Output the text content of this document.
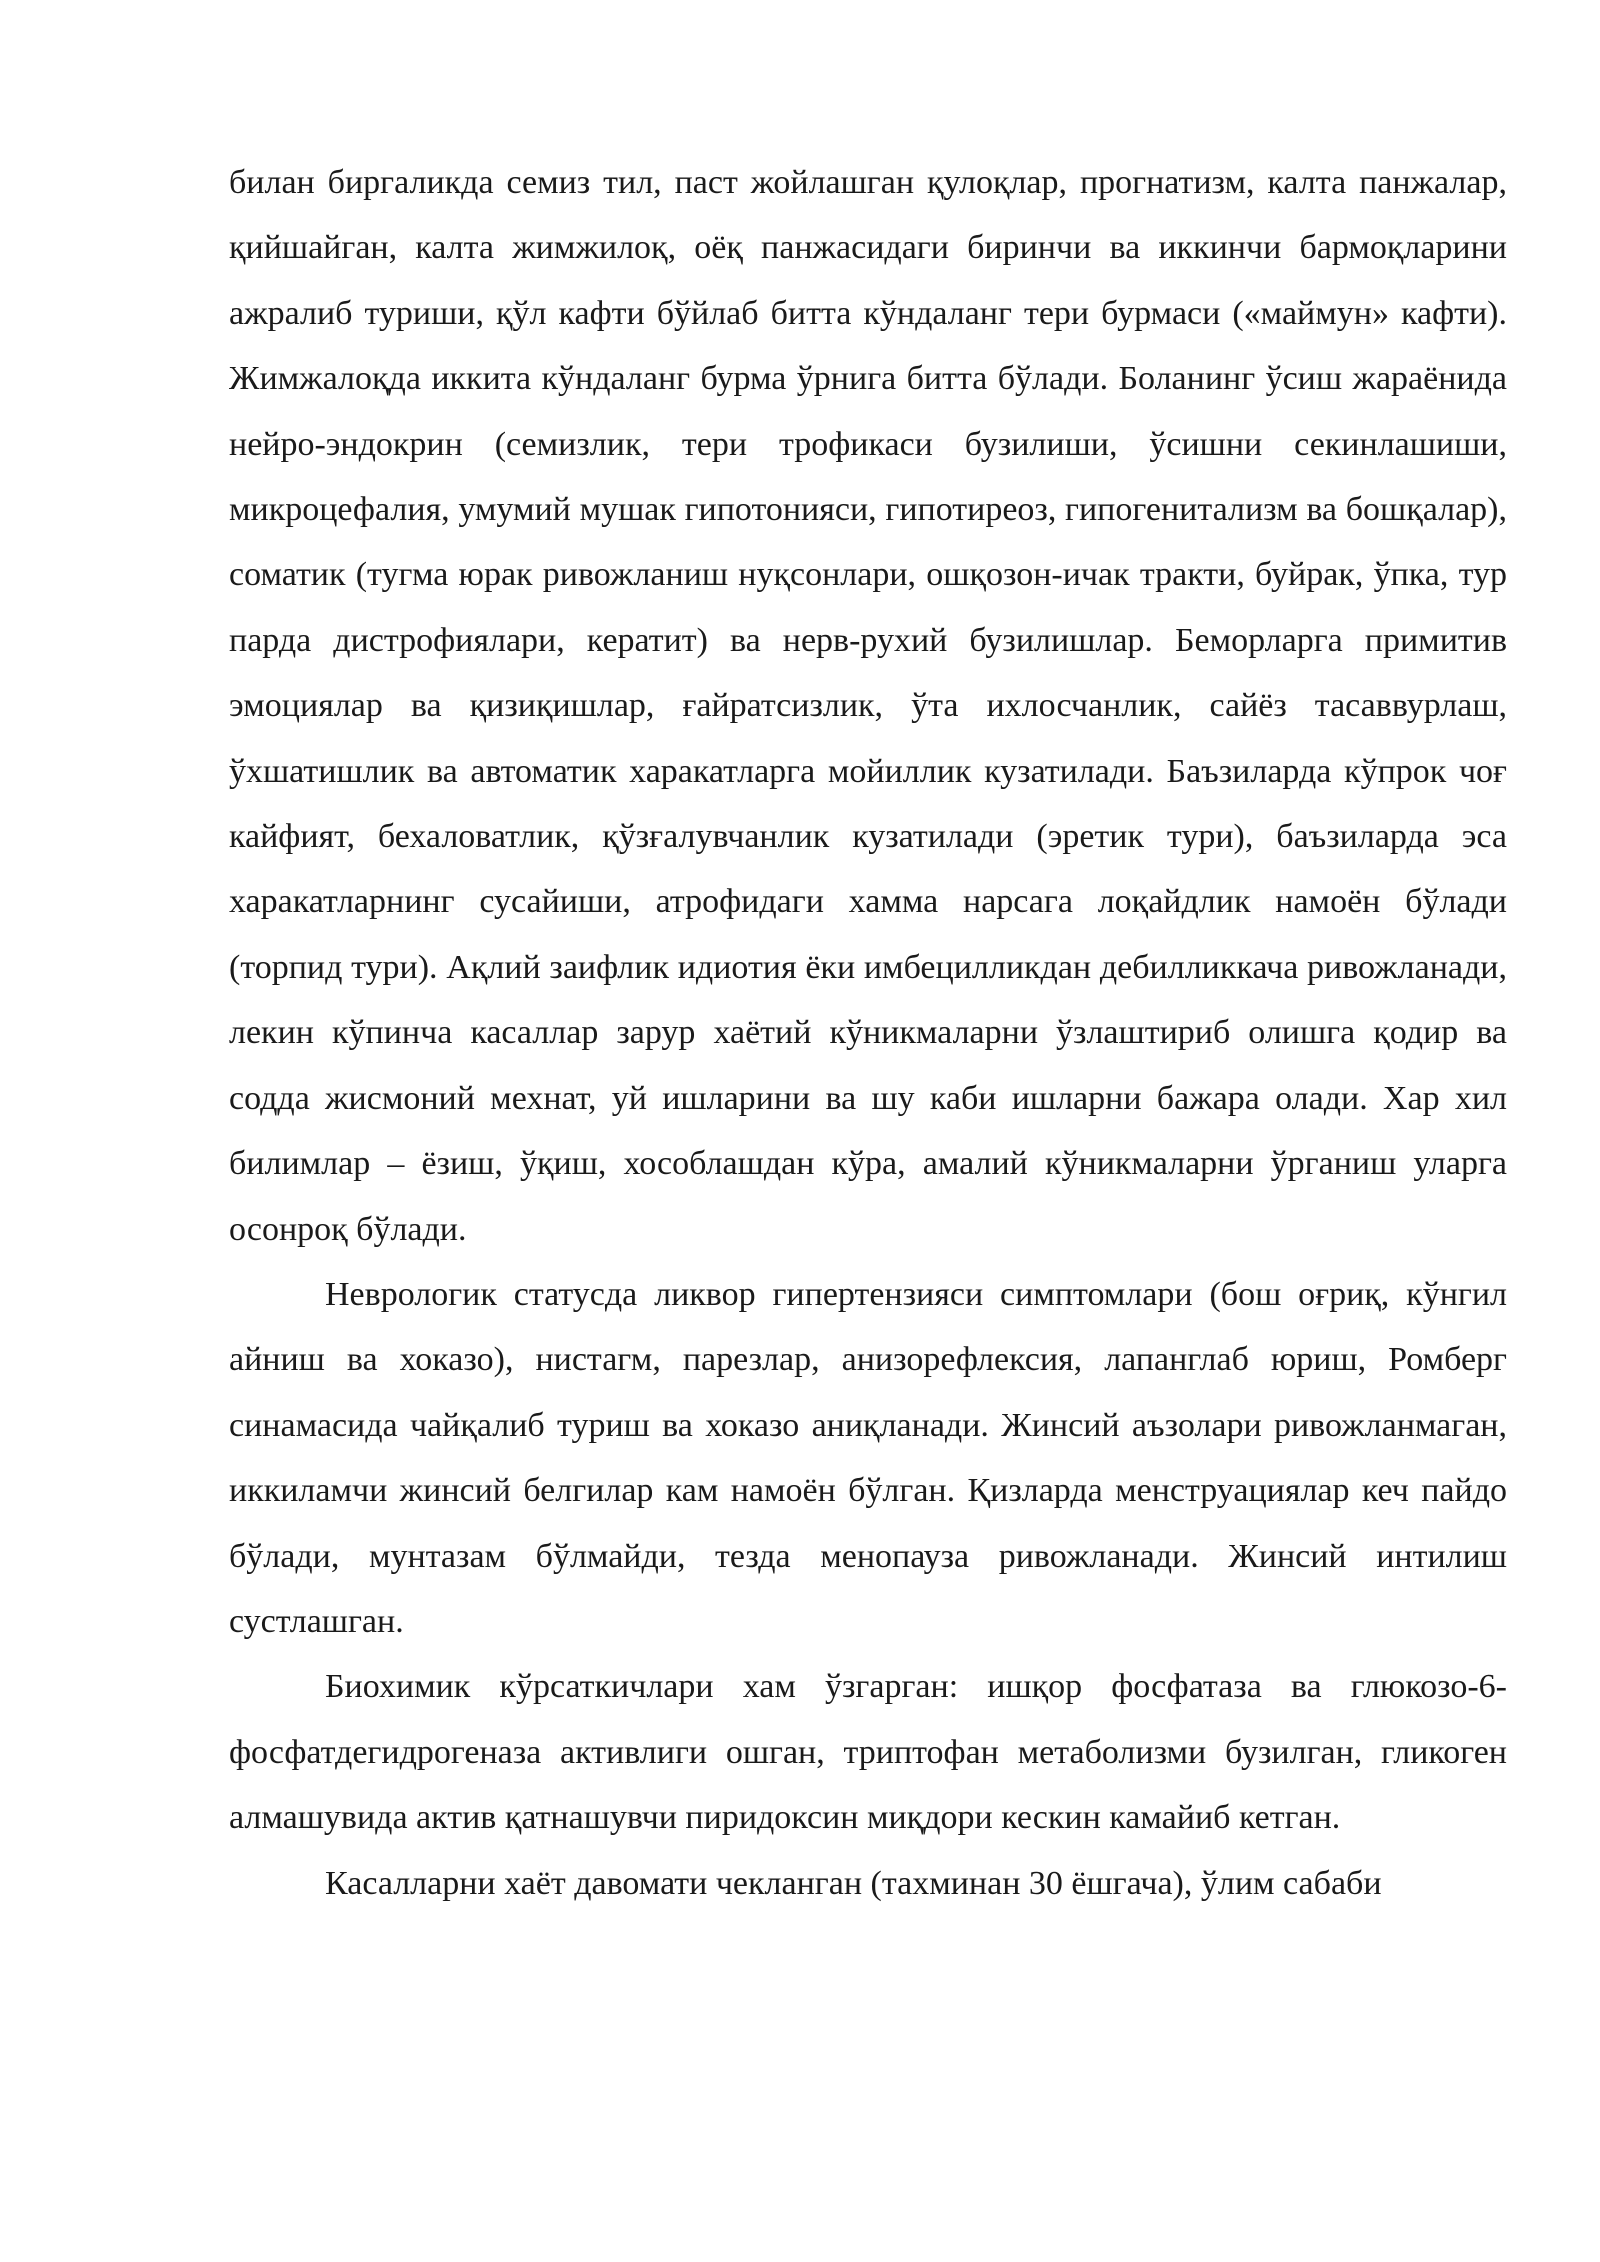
билан биргаликда семиз тил, паст жойлашган қулоқлар, прогнатизм, калта панжалар, қийшайган, калта жимжилоқ, оёқ панжасидаги биринчи ва иккинчи бармоқларини ажралиб туриши, қўл кафти бўйлаб битта кўндаланг тери бурмаси («маймун» кафти). Жимжалоқда иккита кўндаланг бурма ўрнига битта бўлади. Боланинг ўсиш жараёнида нейро-эндокрин (семизлик, тери трофикаси бузилиши, ўсишни секинлашиши, микроцефалия, умумий мушак гипотонияси, гипотиреоз, гипогенитализм ва бошқалар), соматик (тугма юрак ривожланиш нуқсонлари, ошқозон-ичак тракти, буйрак, ўпка, тур парда дистрофиялари, кератит) ва нерв-рухий бузилишлар. Беморларга примитив эмоциялар ва қизиқишлар, ғайратсизлик, ўта ихлосчанлик, сайёз тасаввурлаш, ўхшатишлик ва автоматик харакатларга мойиллик кузатилади. Баъзиларда кўпрок чоғ кайфият, бехаловатлик, қўзғалувчанлик кузатилади (эретик тури), баъзиларда эса харакатларнинг сусайиши, атрофидаги хамма нарсага лоқайдлик намоён бўлади (торпид тури). Ақлий заифлик идиотия ёки имбецилликдан дебилликкача ривожланади, лекин кўпинча касаллар зарур хаётий кўникмаларни ўзлаштириб олишга қодир ва содда жисмоний мехнат, уй ишларини ва шу каби ишларни бажара олади. Хар хил билимлар – ёзиш, ўқиш, хособлашдан кўра, амалий кўникмаларни ўрганиш уларга осонроқ бўлади.

Неврологик статусда ликвор гипертензияси симптомлари (бош оғриқ, кўнгил айниш ва хоказо), нистагм, парезлар, анизорефлексия, лапанглаб юриш, Ромберг синамасида чайқалиб туриш ва хоказо аниқланади. Жинсий аъзолари ривожланмаган, иккиламчи жинсий белгилар кам намоён бўлган. Қизларда менструациялар кеч пайдо бўлади, мунтазам бўлмайди, тезда менопауза ривожланади. Жинсий интилиш сустлашган.

Биохимик кўрсаткичлари хам ўзгарган: ишқор фосфатаза ва глюкозо-6-фосфатдегидрогеназа активлиги ошган, триптофан метаболизми бузилган, гликоген алмашувида актив қатнашувчи пиридоксин миқдори кескин камайиб кетган.

Касалларни хаёт давомати чекланган (тахминан 30 ёшгача), ўлим сабаби
